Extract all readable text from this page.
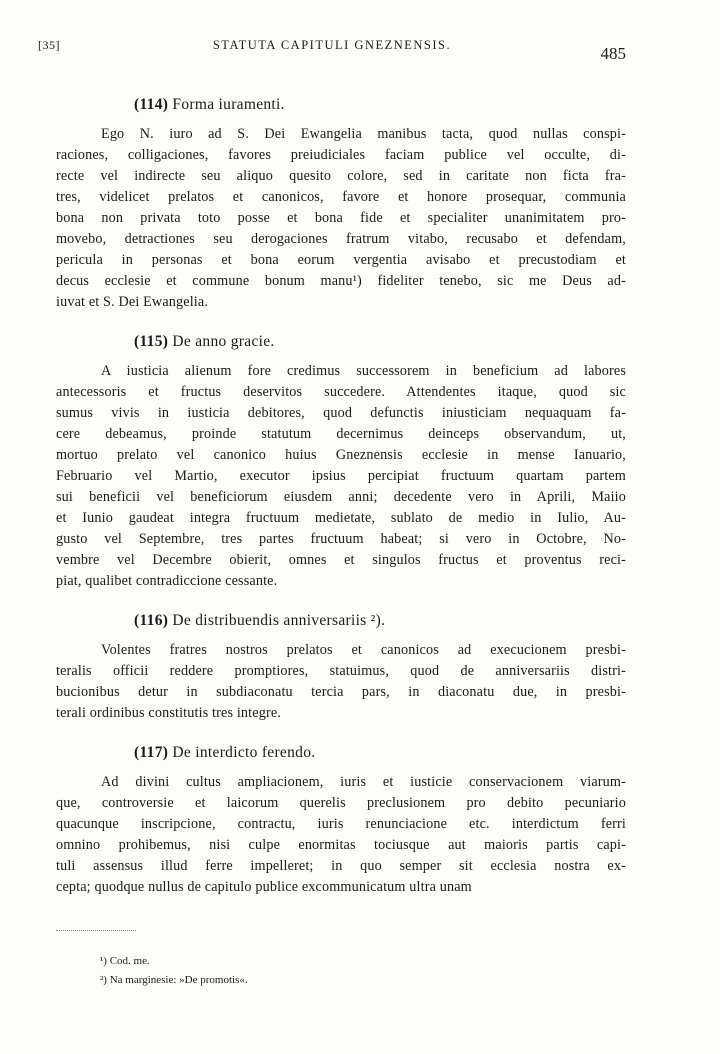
[35]	STATUTA CAPITULI GNEZNENSIS.	485
(114) Forma iuramenti.
Ego N. iuro ad S. Dei Ewangelia manibus tacta, quod nullas conspi-
raciones, colligaciones, favores preiudiciales faciam publice vel occulte, di-
recte vel indirecte seu aliquo quesito colore, sed in caritate non ficta fra-
tres, videlicet prelatos et canonicos, favore et honore prosequar, communia
bona non privata toto posse et bona fide et specialiter unanimitatem pro-
movebo, detractiones seu derogaciones fratrum vitabo, recusabo et defendam,
pericula in personas et bona eorum vergentia avisabo et precustodiam et
decus ecclesie et commune bonum manu¹) fideliter tenebo, sic me Deus ad-
iuvat et S. Dei Ewangelia.
(115) De anno gracie.
A iusticia alienum fore credimus successorem in beneficium ad labores
antecessoris et fructus deservitos succedere. Attendentes itaque, quod sic
sumus vivis in iusticia debitores, quod defunctis iniusticiam nequaquam fa-
cere debeamus, proinde statutum decernimus deinceps observandum, ut,
mortuo prelato vel canonico huius Gneznensis ecclesie in mense Ianuario,
Februario vel Martio, executor ipsius percipiat fructuum quartam partem
sui beneficii vel beneficiorum eiusdem anni; decedente vero in Aprili, Maiio
et Iunio gaudeat integra fructuum medietate, sublato de medio in Iulio, Au-
gusto vel Septembre, tres partes fructuum habeat; si vero in Octobre, No-
vembre vel Decembre obierit, omnes et singulos fructus et proventus reci-
piat, qualibet contradiccione cessante.
(116) De distribuendis anniversariis ²).
Volentes fratres nostros prelatos et canonicos ad execucionem presbi-
teralis officii reddere promptiores, statuimus, quod de anniversariis distri-
bucionibus detur in subdiaconatu tercia pars, in diaconatu due, in presbi-
terali ordinibus constitutis tres integre.
(117) De interdicto ferendo.
Ad divini cultus ampliacionem, iuris et iusticie conservacionem viarum-
que, controversie et laicorum querelis preclusionem pro debito pecuniario
quacunque inscripcione, contractu, iuris renunciacione etc. interdictum ferri
omnino prohibemus, nisi culpe enormitas tociusque aut maioris partis capi-
tuli assensus illud ferre impelleret; in quo semper sit ecclesia nostra ex-
cepta; quodque nullus de capitulo publice excommunicatum ultra unam
¹) Cod. me.
²) Na marginesie: »De promotis«.
